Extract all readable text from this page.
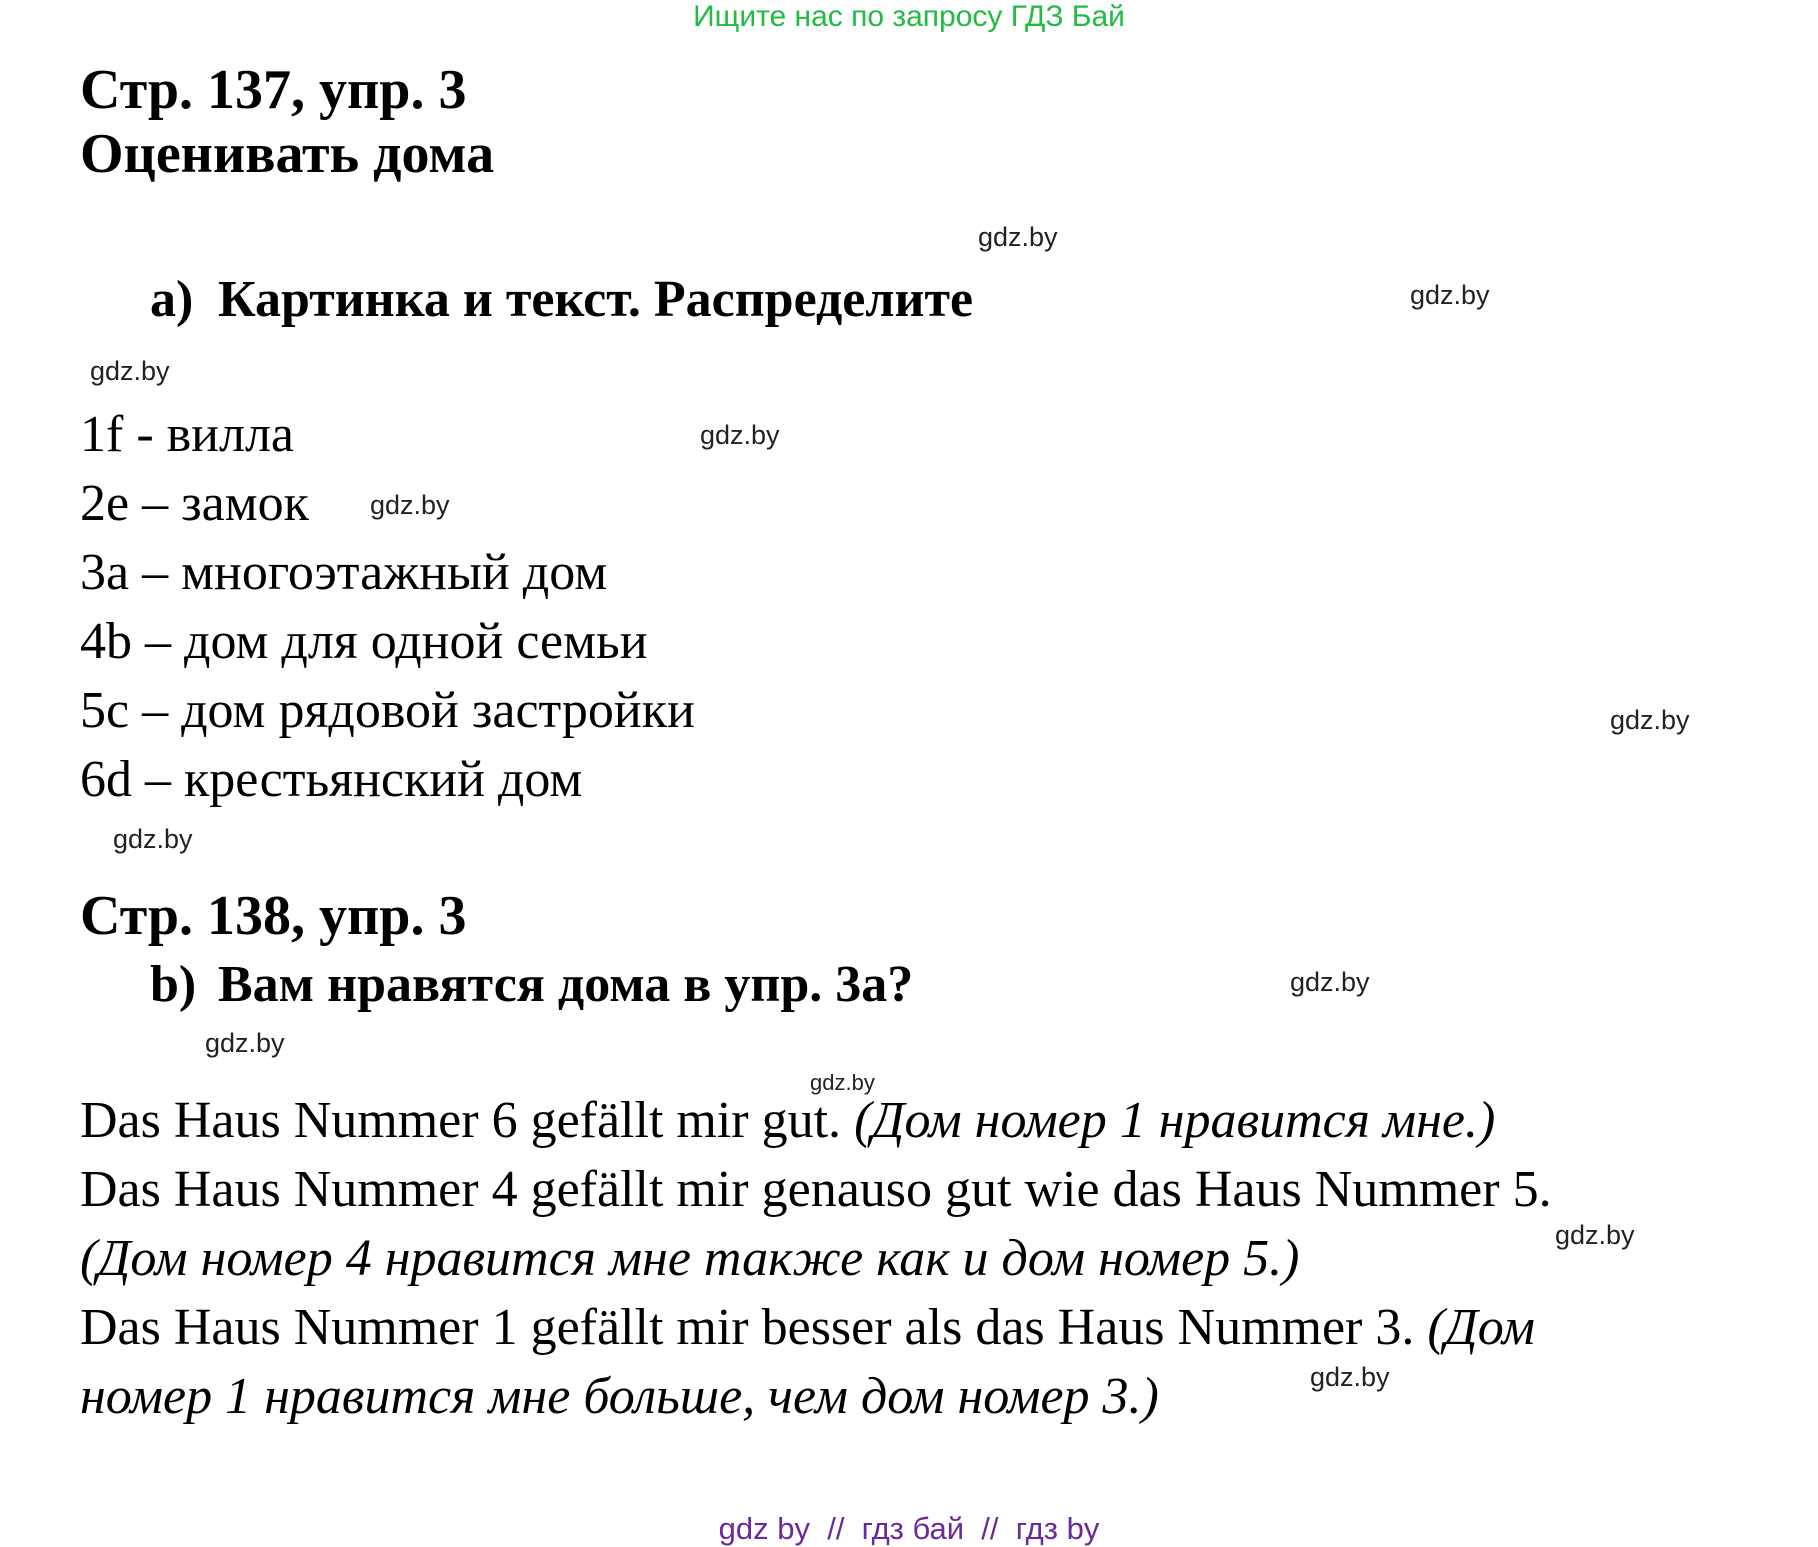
Ищите нас по запросу ГДЗ Бай
Стр. 137, упр. 3
Оценивать дома
gdz.by
a) Картинка и текст. Распределите	gdz.by
gdz.by
1f - вилла	gdz.by
2e – замок gdz.by
3a – многоэтажный дом
4b – дом для одной семьи
5c – дом рядовой застройки	gdz.by
6d – крестьянский дом
gdz.by
Стр. 138, упр. 3
b) Вам нравятся дома в упр. 3a?	gdz.by
gdz.by
gdz.by
Das Haus Nummer 6 gefällt mir gut. (Дом номер 1 нравится мне.)
Das Haus Nummer 4 gefällt mir genauso gut wie das Haus Nummer 5.
gdz.by
(Дом номер 4 нравится мне также как и дом номер 5.)
Das Haus Nummer 1 gefällt mir besser als das Haus Nummer 3. (Дом
gdz.by
номер 1 нравится мне больше, чем дом номер 3.)
gdz by  //  гдз бай  //  гдз by
